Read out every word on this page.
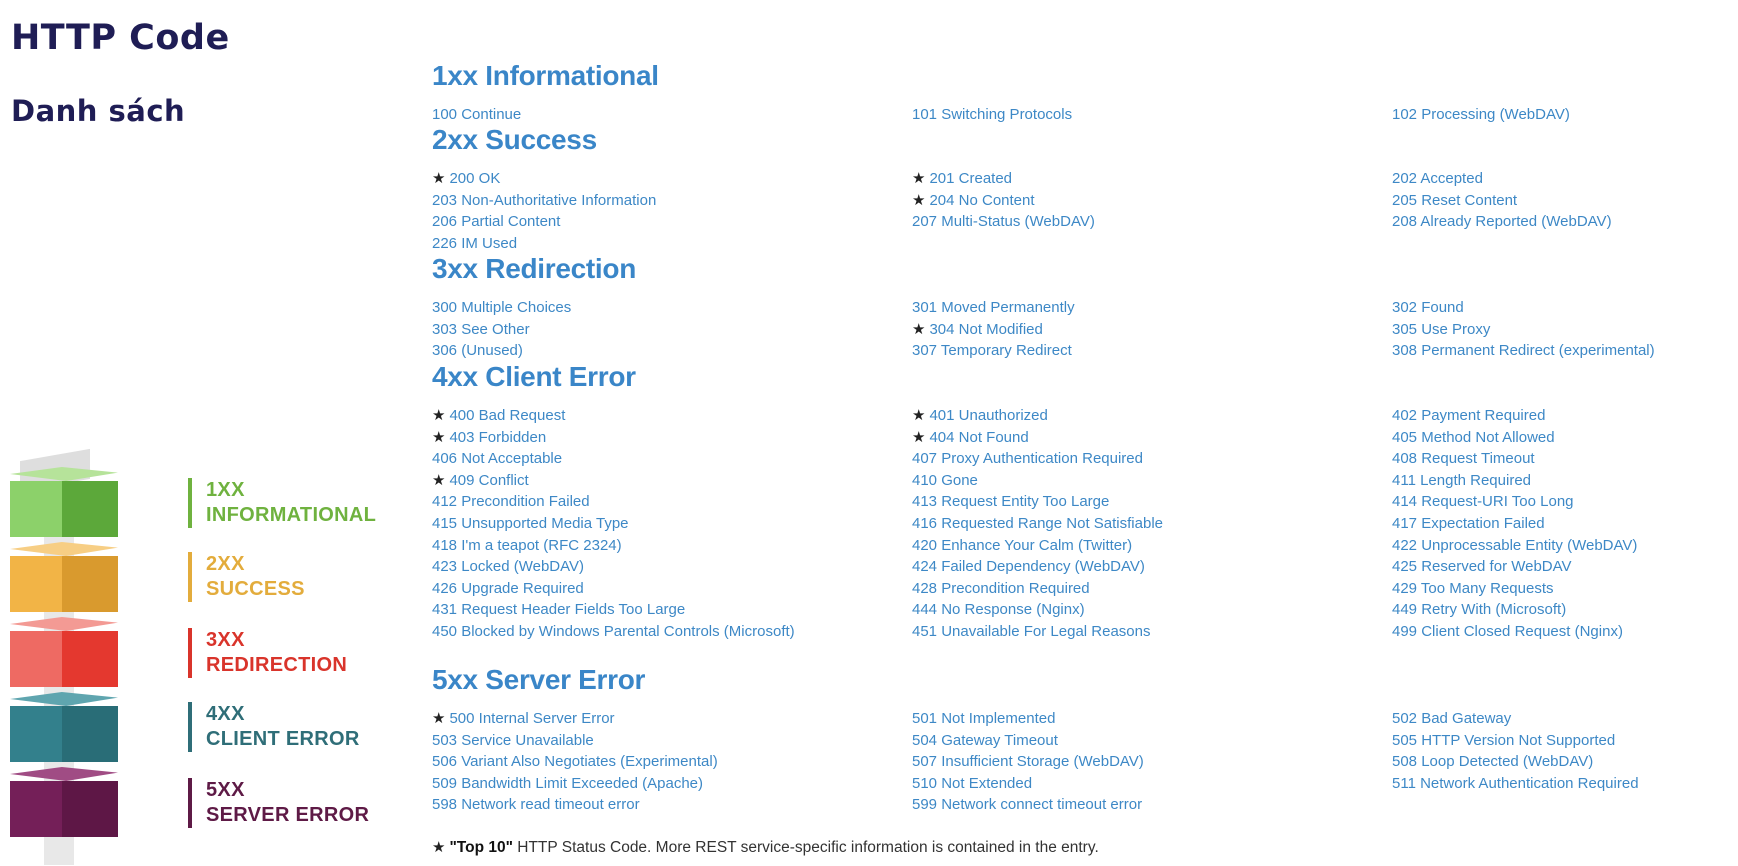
HTTP Code
Danh sách
1XX
INFORMATIONAL
2XX
SUCCESS
3XX
REDIRECTION
4XX
CLIENT ERROR
5XX
SERVER ERROR
★ "Top 10" HTTP Status Code. More REST service-specific information is contained in the entry.
1xx Informational
100 Continue	101 Switching Protocols	102 Processing (WebDAV)
2xx Success
★ 200 OK	★ 201 Created	202 Accepted
203 Non-Authoritative Information	★ 204 No Content	205 Reset Content
206 Partial Content	207 Multi-Status (WebDAV)	208 Already Reported (WebDAV)
226 IM Used
3xx Redirection
300 Multiple Choices	301 Moved Permanently	302 Found
303 See Other	★ 304 Not Modified	305 Use Proxy
306 (Unused)	307 Temporary Redirect	308 Permanent Redirect (experimental)
4xx Client Error
★ 400 Bad Request	★ 401 Unauthorized	402 Payment Required
★ 403 Forbidden	★ 404 Not Found	405 Method Not Allowed
406 Not Acceptable	407 Proxy Authentication Required	408 Request Timeout
★ 409 Conflict	410 Gone	411 Length Required
412 Precondition Failed	413 Request Entity Too Large	414 Request-URI Too Long
415 Unsupported Media Type	416 Requested Range Not Satisfiable	417 Expectation Failed
418 I'm a teapot (RFC 2324)	420 Enhance Your Calm (Twitter)	422 Unprocessable Entity (WebDAV)
423 Locked (WebDAV)	424 Failed Dependency (WebDAV)	425 Reserved for WebDAV
426 Upgrade Required	428 Precondition Required	429 Too Many Requests
431 Request Header Fields Too Large	444 No Response (Nginx)	449 Retry With (Microsoft)
450 Blocked by Windows Parental Controls (Microsoft)	451 Unavailable For Legal Reasons	499 Client Closed Request (Nginx)
5xx Server Error
★ 500 Internal Server Error	501 Not Implemented	502 Bad Gateway
503 Service Unavailable	504 Gateway Timeout	505 HTTP Version Not Supported
506 Variant Also Negotiates (Experimental)	507 Insufficient Storage (WebDAV)	508 Loop Detected (WebDAV)
509 Bandwidth Limit Exceeded (Apache)	510 Not Extended	511 Network Authentication Required
598 Network read timeout error	599 Network connect timeout error
